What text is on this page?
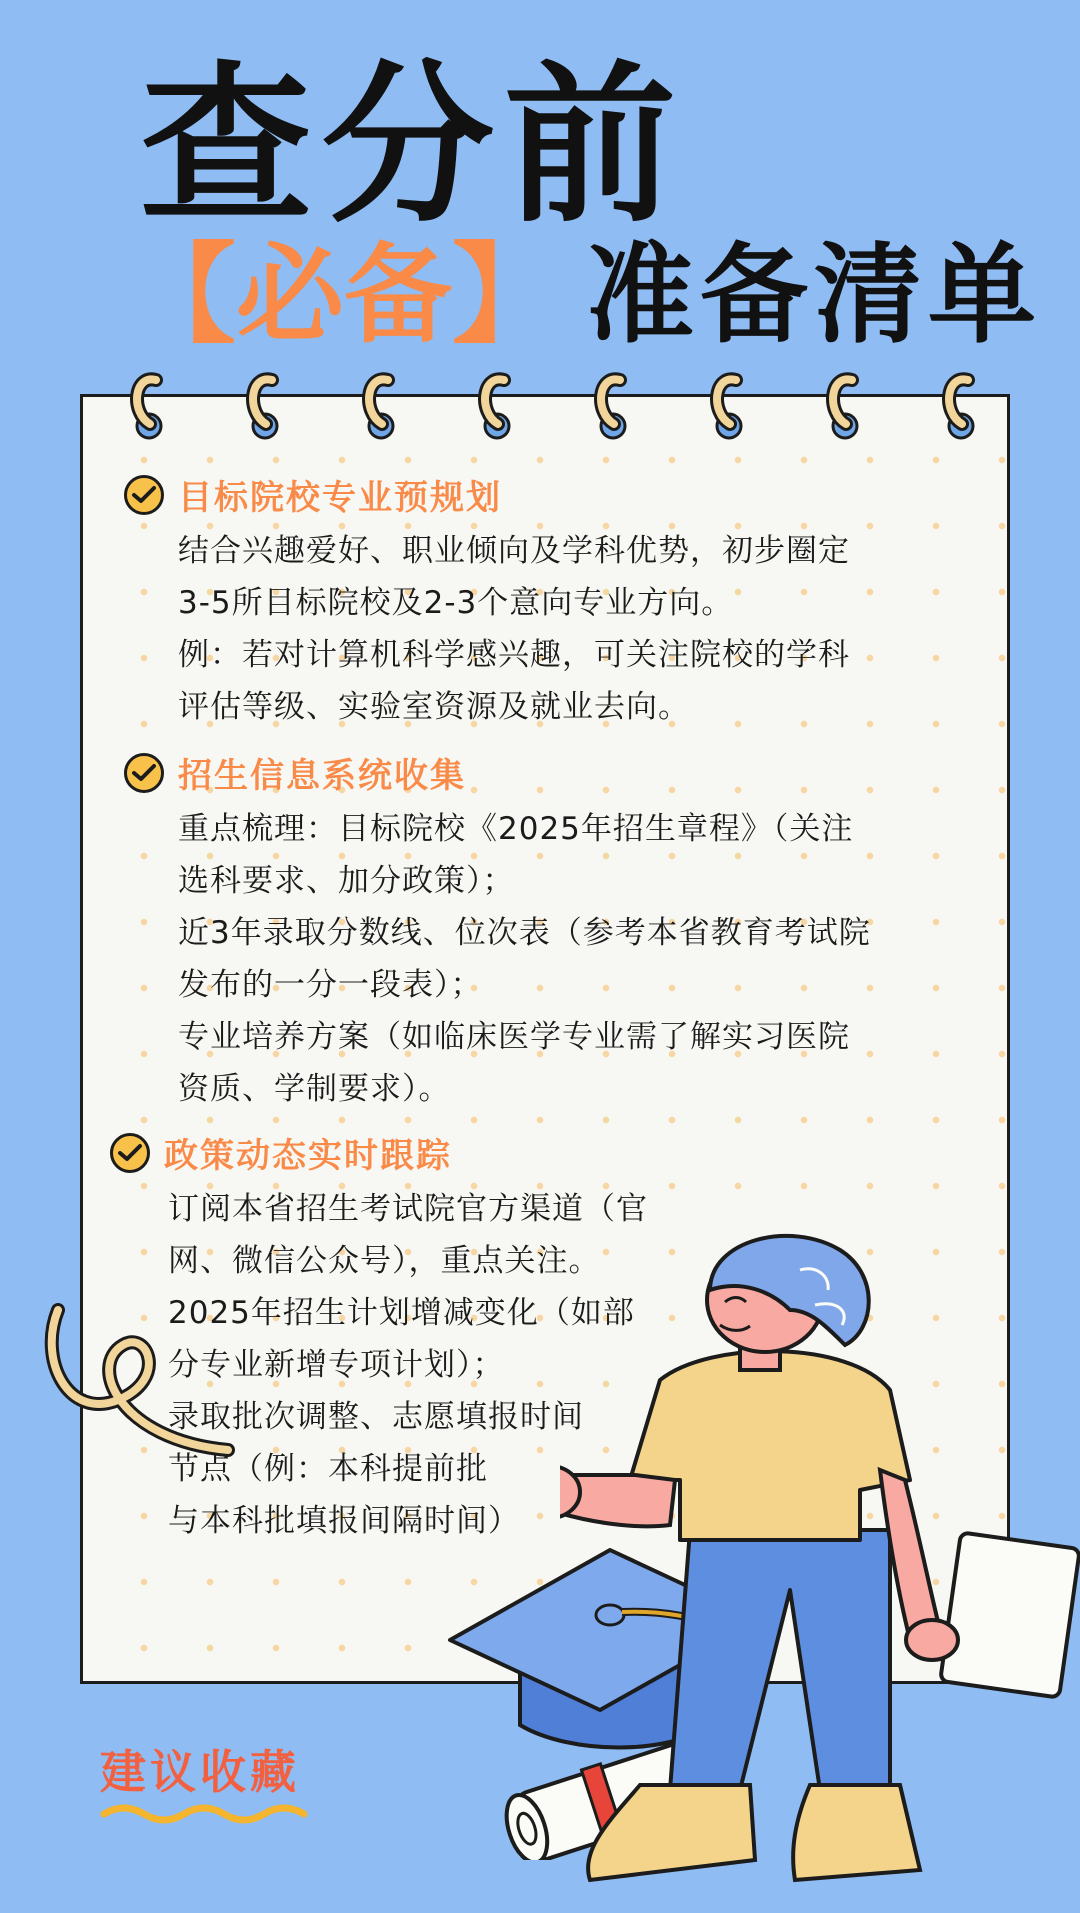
查分前
【必备】 准备清单
目标院校专业预规划
结合兴趣爱好、职业倾向及学科优势，初步圈定
3-5所目标院校及2-3个意向专业方向。
例：若对计算机科学感兴趣，可关注院校的学科
评估等级、实验室资源及就业去向。
招生信息系统收集
重点梳理：目标院校《2025年招生章程》（关注
选科要求、加分政策）；
近3年录取分数线、位次表（参考本省教育考试院
发布的一分一段表）；
专业培养方案（如临床医学专业需了解实习医院
资质、学制要求）。
政策动态实时跟踪
订阅本省招生考试院官方渠道（官
网、微信公众号），重点关注。
2025年招生计划增减变化（如部
分专业新增专项计划）；
录取批次调整、志愿填报时间
节点（例：本科提前批
与本科批填报间隔时间）
建议收藏
